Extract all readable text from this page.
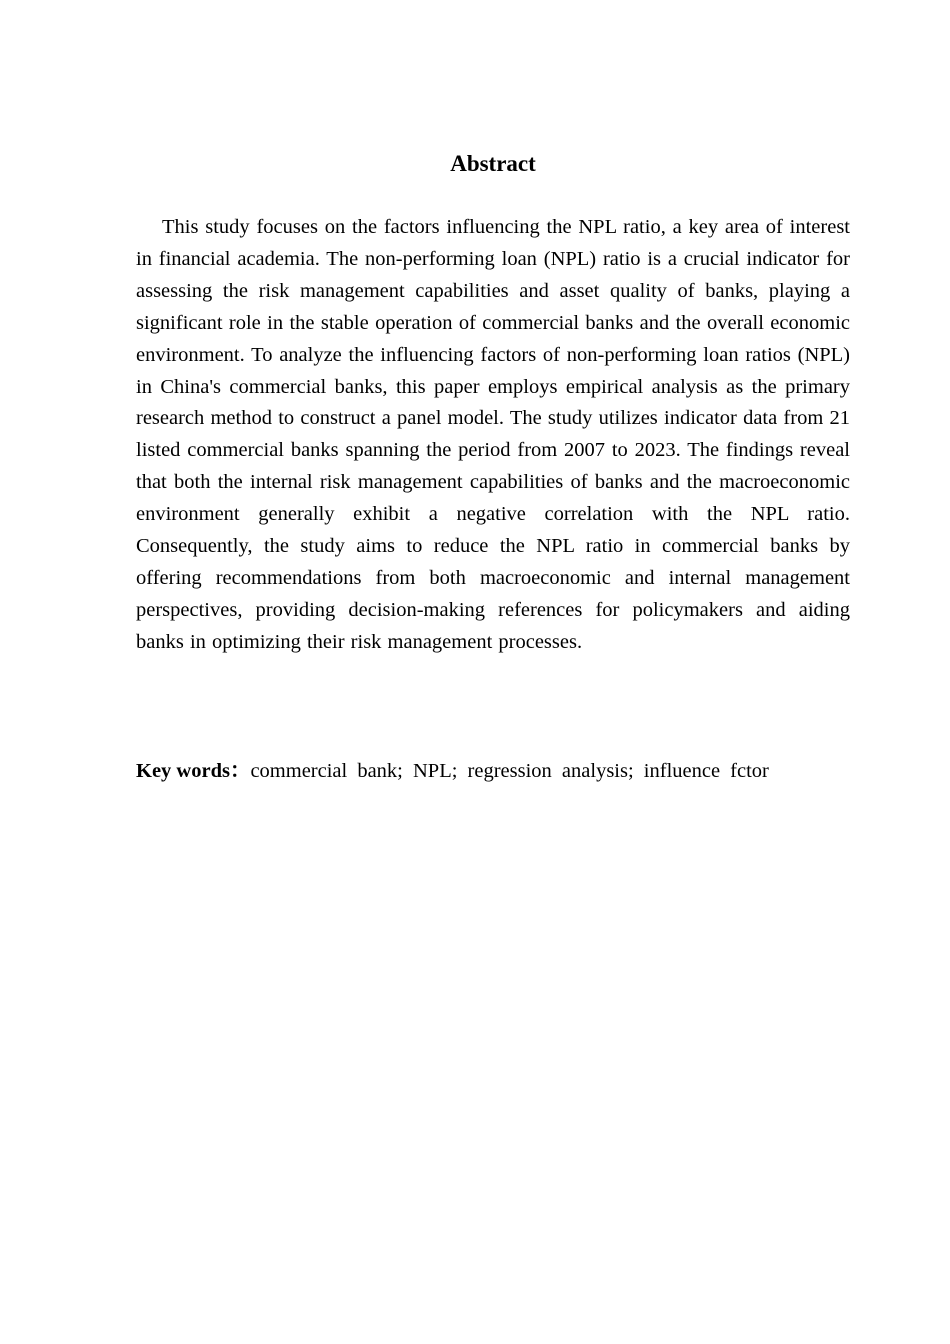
Abstract

This study focuses on the factors influencing the NPL ratio, a key area of interest in financial academia. The non-performing loan (NPL) ratio is a crucial indicator for assessing the risk management capabilities and asset quality of banks, playing a significant role in the stable operation of commercial banks and the overall economic environment. To analyze the influencing factors of non-performing loan ratios (NPL) in China's commercial banks, this paper employs empirical analysis as the primary research method to construct a panel model. The study utilizes indicator data from 21 listed commercial banks spanning the period from 2007 to 2023. The findings reveal that both the internal risk management capabilities of banks and the macroeconomic environment generally exhibit a negative correlation with the NPL ratio. Consequently, the study aims to reduce the NPL ratio in commercial banks by offering recommendations from both macroeconomic and internal management perspectives, providing decision-making references for policymakers and aiding banks in optimizing their risk management processes.

Key words：commercial bank; NPL; regression analysis; influence fctor
